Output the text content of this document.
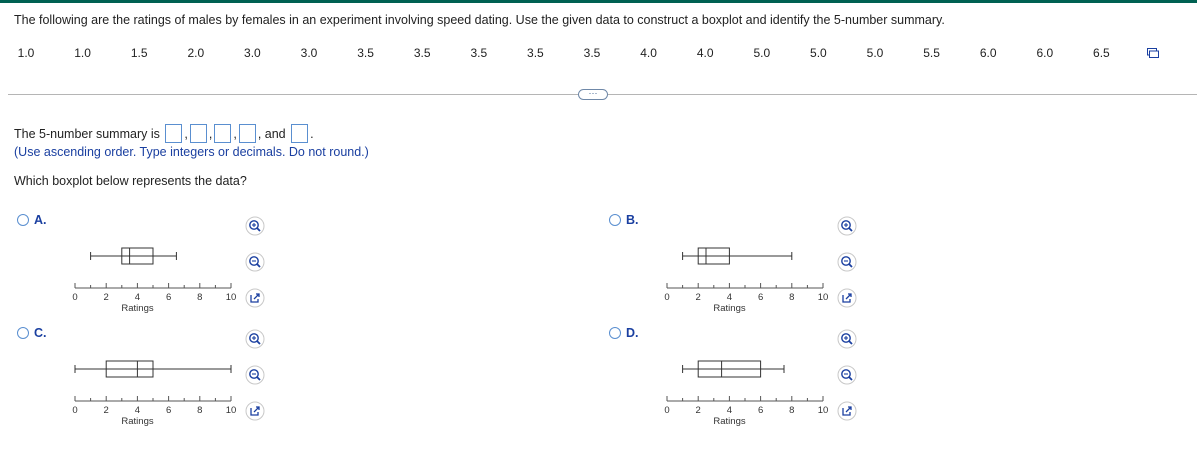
The following are the ratings of males by females in an experiment involving speed dating. Use the given data to construct a boxplot and identify the 5-number summary.
1.0	1.0	1.5	2.0	3.0	3.0	3.5	3.5	3.5	3.5	3.5	4.0	4.0	5.0	5.0	5.0	5.5	6.0	6.0	6.5
···
The 5-number summary is
, , , , and
.
(Use ascending order. Type integers or decimals. Do not round.)
Which boxplot below represents the data?
A.
0	2	4	6	8 10
Ratings
B.
0	2	4	6	8 10
Ratings
C.
0	2	4	6	8 10
Ratings
D.
0	2	4	6	8 10
Ratings
